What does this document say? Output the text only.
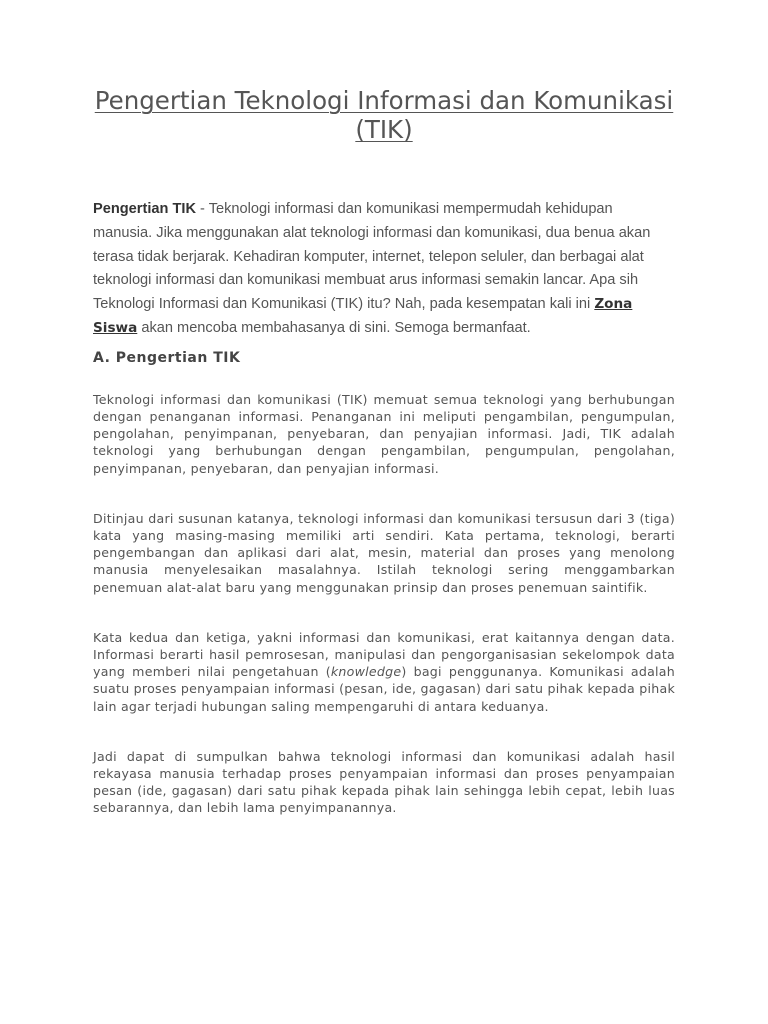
Pengertian Teknologi Informasi dan Komunikasi (TIK)

Pengertian TIK - Teknologi informasi dan komunikasi mempermudah kehidupan manusia. Jika menggunakan alat teknologi informasi dan komunikasi, dua benua akan terasa tidak berjarak. Kehadiran komputer, internet, telepon seluler, dan berbagai alat teknologi informasi dan komunikasi membuat arus informasi semakin lancar. Apa sih Teknologi Informasi dan Komunikasi (TIK) itu? Nah, pada kesempatan kali ini Zona Siswa akan mencoba membahasanya di sini. Semoga bermanfaat.

A. Pengertian TIK

Teknologi informasi dan komunikasi (TIK) memuat semua teknologi yang berhubungan dengan penanganan informasi. Penanganan ini meliputi pengambilan, pengumpulan, pengolahan, penyimpanan, penyebaran, dan penyajian informasi. Jadi, TIK adalah teknologi yang berhubungan dengan pengambilan, pengumpulan, pengolahan, penyimpanan, penyebaran, dan penyajian informasi.

Ditinjau dari susunan katanya, teknologi informasi dan komunikasi tersusun dari 3 (tiga) kata yang masing-masing memiliki arti sendiri. Kata pertama, teknologi, berarti pengembangan dan aplikasi dari alat, mesin, material dan proses yang menolong manusia menyelesaikan masalahnya. Istilah teknologi sering menggambarkan penemuan alat-alat baru yang menggunakan prinsip dan proses penemuan saintifik.

Kata kedua dan ketiga, yakni informasi dan komunikasi, erat kaitannya dengan data. Informasi berarti hasil pemrosesan, manipulasi dan pengorganisasian sekelompok data yang memberi nilai pengetahuan (knowledge) bagi penggunanya. Komunikasi adalah suatu proses penyampaian informasi (pesan, ide, gagasan) dari satu pihak kepada pihak lain agar terjadi hubungan saling mempengaruhi di antara keduanya.

Jadi dapat di sumpulkan bahwa teknologi informasi dan komunikasi adalah hasil rekayasa manusia terhadap proses penyampaian informasi dan proses penyampaian pesan (ide, gagasan) dari satu pihak kepada pihak lain sehingga lebih cepat, lebih luas sebarannya, dan lebih lama penyimpanannya.
